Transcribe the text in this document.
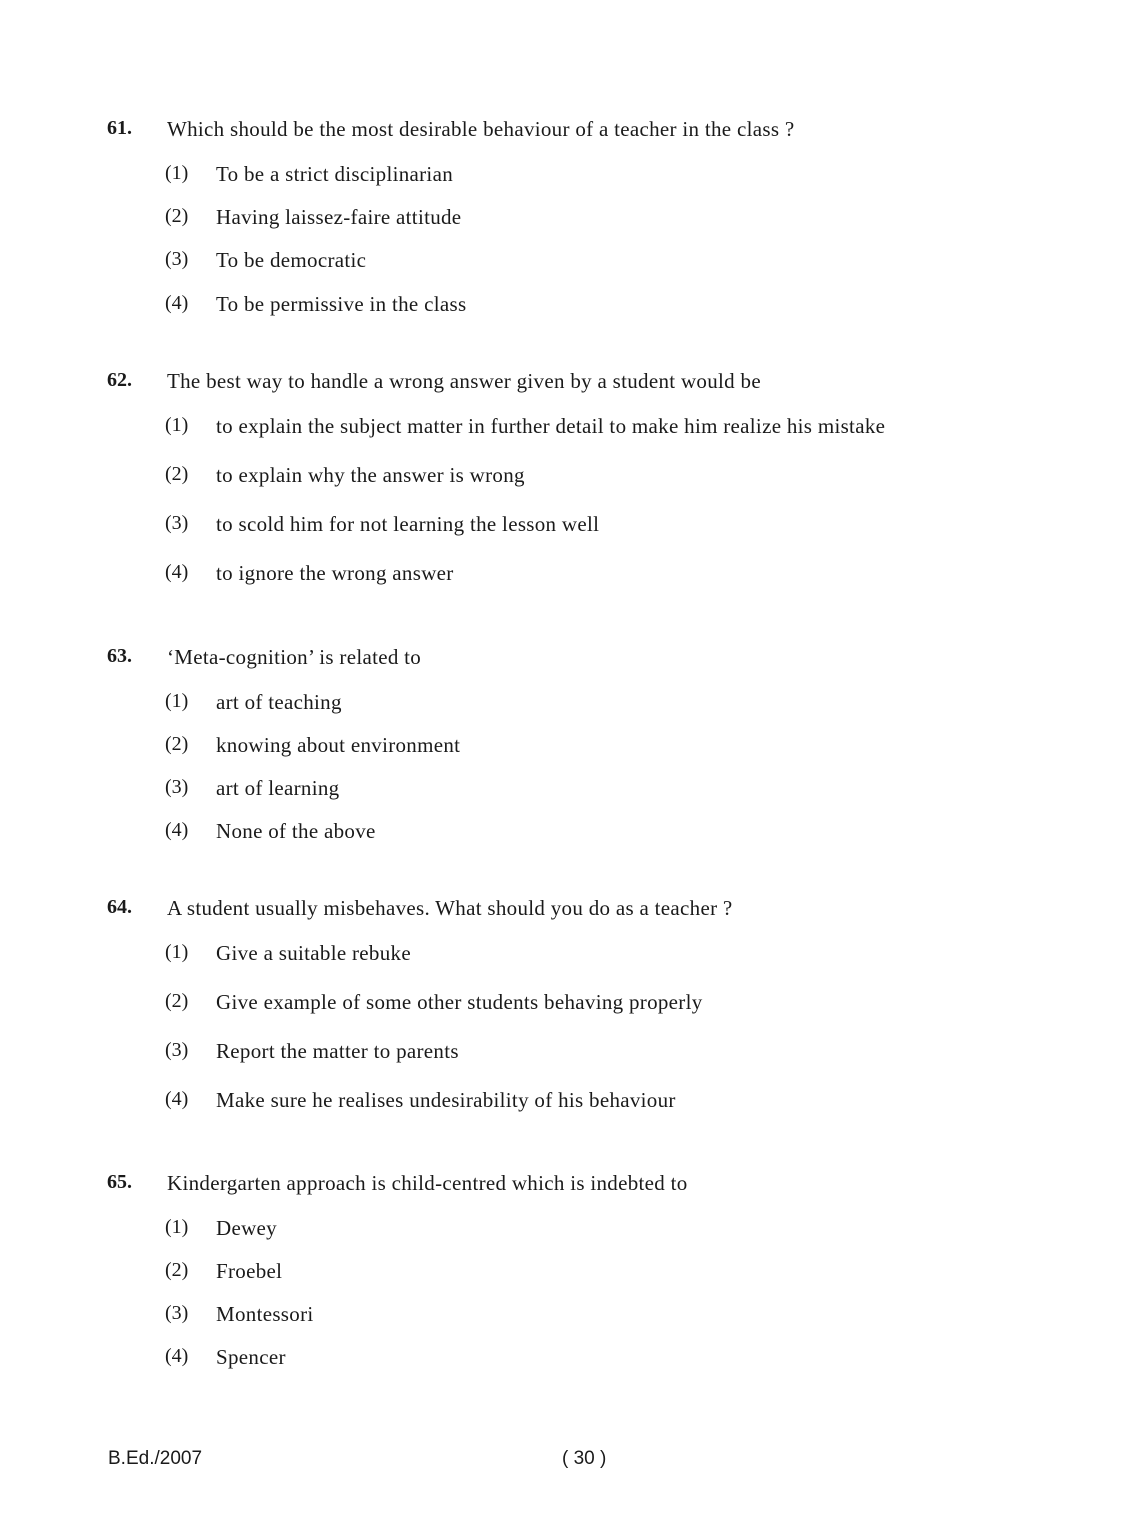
61. Which should be the most desirable behaviour of a teacher in the class ?
(1) To be a strict disciplinarian
(2) Having laissez-faire attitude
(3) To be democratic
(4) To be permissive in the class
62. The best way to handle a wrong answer given by a student would be
(1) to explain the subject matter in further detail to make him realize his mistake
(2) to explain why the answer is wrong
(3) to scold him for not learning the lesson well
(4) to ignore the wrong answer
63. ‘Meta-cognition’ is related to
(1) art of teaching
(2) knowing about environment
(3) art of learning
(4) None of the above
64. A student usually misbehaves. What should you do as a teacher ?
(1) Give a suitable rebuke
(2) Give example of some other students behaving properly
(3) Report the matter to parents
(4) Make sure he realises undesirability of his behaviour
65. Kindergarten approach is child-centred which is indebted to
(1) Dewey
(2) Froebel
(3) Montessori
(4) Spencer
B.Ed./2007	( 30 )
